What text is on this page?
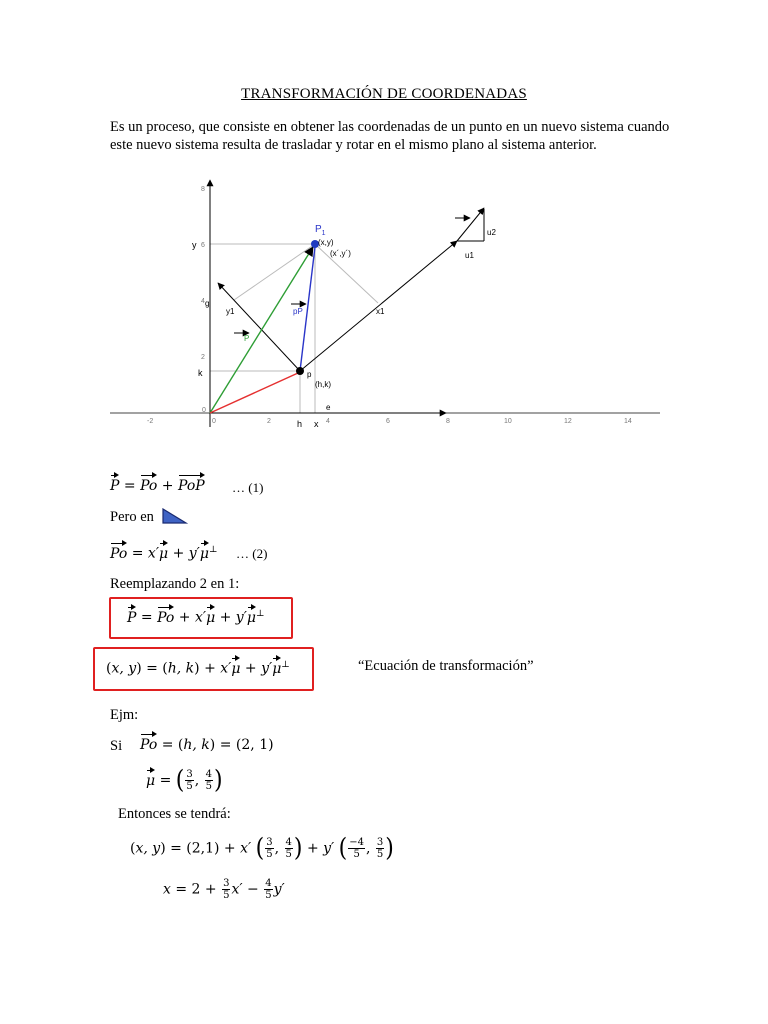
TRANSFORMACIÓN DE COORDENADAS
Es un proceso, que consiste en obtener las coordenadas de un punto en un nuevo sistema cuando este nuevo sistema resulta de trasladar y rotar en el mismo plano al sistema anterior.
-2	0	2	4	6	8	10	12	14
2
4
6
8
0
y
k
h x
e
g
y1	x1
u1
u2
(x,y)
(x´,y´)
p
(h,k)
pP
P
$P_1$
P = Po + PoP … (1)
Pero en
Po = x′μ + y′μ⊥ … (2)
Reemplazando 2 en 1:
P = Po + x′μ + y′μ⊥
(x, y) = (h, k) + x′μ + y′μ⊥	“Ecuación de transformación”
Ejm:
Si Po = (h, k) = (2, 1)
μ = ( $\frac{3}{5}$ , $\frac{4}{5}$ )
Entonces se tendrá:
(x, y) = (2,1) + x′ ( $\frac{3}{5}$ , $\frac{4}{5}$ ) + y′ ( $\frac{-4}{5}$ , $\frac{3}{5}$ )
$x = 2 + \frac{3}{5} x' - \frac{4}{5} y'$
